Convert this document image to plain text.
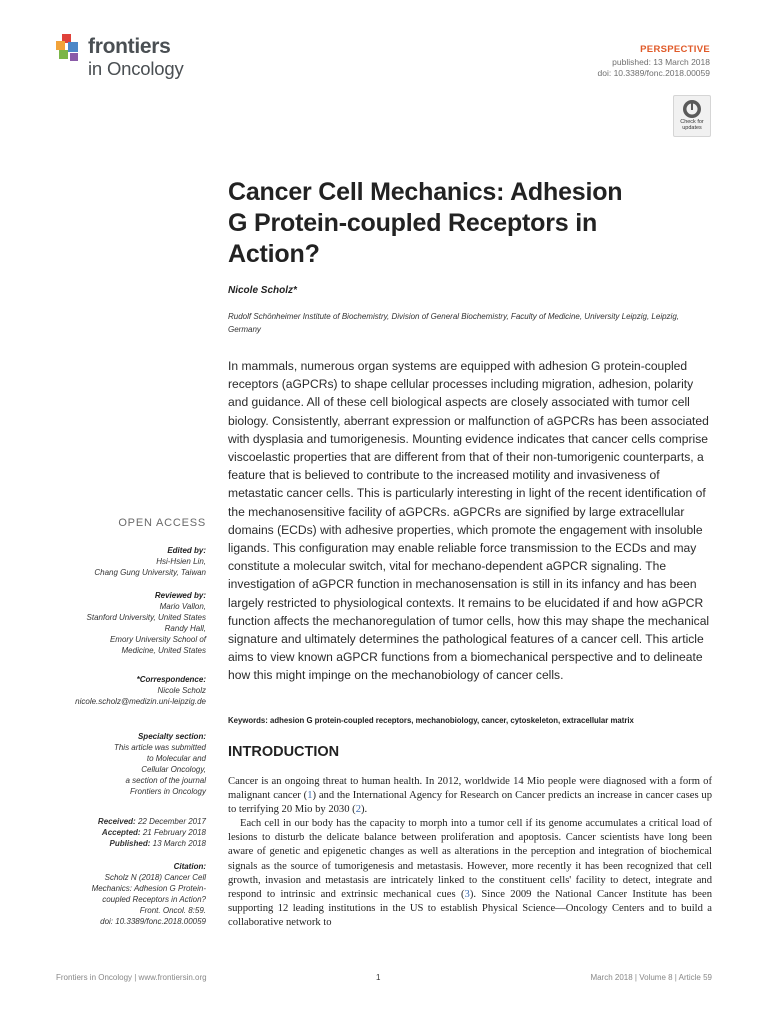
frontiers
in Oncology
PERSPECTIVE
published: 13 March 2018
doi: 10.3389/fonc.2018.00059
Check for updates
Cancer Cell Mechanics: Adhesion G Protein-coupled Receptors in Action?
Nicole Scholz*
Rudolf Schönheimer Institute of Biochemistry, Division of General Biochemistry, Faculty of Medicine, University Leipzig, Leipzig, Germany

In mammals, numerous organ systems are equipped with adhesion G protein-coupled receptors (aGPCRs) to shape cellular processes including migration, adhesion, polarity and guidance. All of these cell biological aspects are closely associated with tumor cell biology. Consistently, aberrant expression or malfunction of aGPCRs has been associated with dysplasia and tumorigenesis. Mounting evidence indicates that cancer cells comprise viscoelastic properties that are different from that of their non-tumorigenic counterparts, a feature that is believed to contribute to the increased motility and invasiveness of metastatic cancer cells. This is particularly interesting in light of the recent identification of the mechanosensitive facility of aGPCRs. aGPCRs are signified by large extracellular domains (ECDs) with adhesive properties, which promote the engagement with insoluble ligands. This configuration may enable reliable force transmission to the ECDs and may constitute a molecular switch, vital for mechano-dependent aGPCR signaling. The investigation of aGPCR function in mechanosensation is still in its infancy and has been largely restricted to physiological contexts. It remains to be elucidated if and how aGPCR function affects the mechanoregulation of tumor cells, how this may shape the mechanical signature and ultimately determines the pathological features of a cancer cell. This article aims to view known aGPCR functions from a biomechanical perspective and to delineate how this might impinge on the mechanobiology of cancer cells.

Keywords: adhesion G protein-coupled receptors, mechanobiology, cancer, cytoskeleton, extracellular matrix
INTRODUCTION

Cancer is an ongoing threat to human health. In 2012, worldwide 14 Mio people were diagnosed with a form of malignant cancer (1) and the International Agency for Research on Cancer predicts an increase in cancer cases up to terrifying 20 Mio by 2030 (2).

Each cell in our body has the capacity to morph into a tumor cell if its genome accumulates a critical load of lesions to disturb the delicate balance between proliferation and apoptosis. Cancer scientists have long been aware of genetic and epigenetic changes as well as alterations in the perception and integration of biochemical signals as the source of tumorigenesis and metastasis. However, more recently it has been recognized that cell growth, invasion and metastasis are intricately linked to the constituent cells' facility to detect, integrate and respond to intrinsic and extrinsic mechanical cues (3). Since 2009 the National Cancer Institute has been supporting 12 leading institutions in the US to establish Physical Science—Oncology Centers and to build a collaborative network to

OPEN ACCESS
Edited by:
Hsi-Hsien Lin,
Chang Gung University, Taiwan
Reviewed by:
Mario Vallon,
Stanford University, United States
Randy Hall,
Emory University School of
Medicine, United States
*Correspondence:
Nicole Scholz
nicole.scholz@medizin.uni-leipzig.de
Specialty section:
This article was submitted
to Molecular and
Cellular Oncology,
a section of the journal
Frontiers in Oncology
Received: 22 December 2017
Accepted: 21 February 2018
Published: 13 March 2018
Citation:
Scholz N (2018) Cancer Cell
Mechanics: Adhesion G Protein-
coupled Receptors in Action?
Front. Oncol. 8:59.
doi: 10.3389/fonc.2018.00059
Frontiers in Oncology | www.frontiersin.org	1	March 2018 | Volume 8 | Article 59
